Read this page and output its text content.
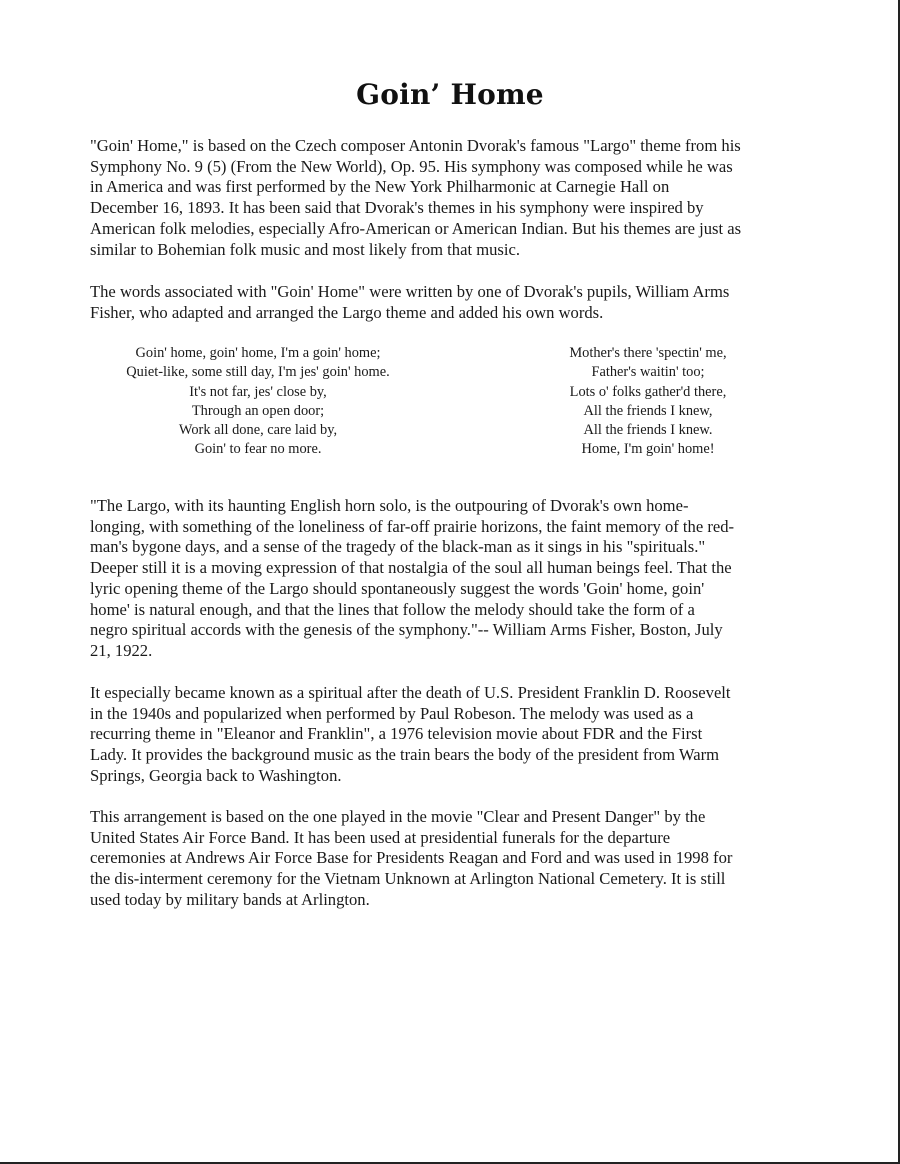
Goin’ Home
"Goin' Home," is based on the Czech composer Antonin Dvorak's famous "Largo" theme from his
Symphony No. 9 (5) (From the New World), Op. 95. His symphony was composed while he was
in America and was first performed by the New York Philharmonic at Carnegie Hall on
December 16, 1893. It has been said that Dvorak's themes in his symphony were inspired by
American folk melodies, especially Afro-American or American Indian. But his themes are just as
similar to Bohemian folk music and most likely from that music.
The words associated with "Goin' Home" were written by one of Dvorak's pupils, William Arms
Fisher, who adapted and arranged the Largo theme and added his own words.
Goin' home, goin' home, I'm a goin' home;
Quiet-like, some still day, I'm jes' goin' home.
It's not far, jes' close by,
Through an open door;
Work all done, care laid by,
Goin' to fear no more.
Mother's there 'spectin' me,
Father's waitin' too;
Lots o' folks gather'd there,
All the friends I knew,
All the friends I knew.
Home, I'm goin' home!
"The Largo, with its haunting English horn solo, is the outpouring of Dvorak's own home-
longing, with something of the loneliness of far-off prairie horizons, the faint memory of the red-
man's bygone days, and a sense of the tragedy of the black-man as it sings in his "spirituals."
Deeper still it is a moving expression of that nostalgia of the soul all human beings feel. That the
lyric opening theme of the Largo should spontaneously suggest the words 'Goin' home, goin'
home' is natural enough, and that the lines that follow the melody should take the form of a
negro spiritual accords with the genesis of the symphony."-- William Arms Fisher, Boston, July
21, 1922.
It especially became known as a spiritual after the death of U.S. President Franklin D. Roosevelt
in the 1940s and popularized when performed by Paul Robeson. The melody was used as a
recurring theme in "Eleanor and Franklin", a 1976 television movie about FDR and the First
Lady. It provides the background music as the train bears the body of the president from Warm
Springs, Georgia back to Washington.
This arrangement is based on the one played in the movie "Clear and Present Danger" by the
United States Air Force Band. It has been used at presidential funerals for the departure
ceremonies at Andrews Air Force Base for Presidents Reagan and Ford and was used in 1998 for
the dis-interment ceremony for the Vietnam Unknown at Arlington National Cemetery. It is still
used today by military bands at Arlington.
